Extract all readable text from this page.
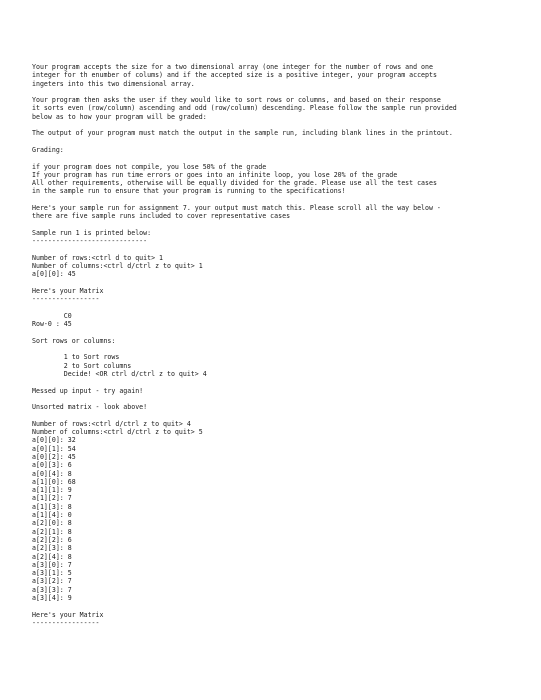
Your program accepts the size for a two dimensional array (one integer for the number of rows and one
integer for th enumber of colums) and if the accepted size is a positive integer, your program accepts
ingeters into this two dimensional array.
Your program then asks the user if they would like to sort rows or columns, and based on their response
it sorts even (row/column) ascending and odd (row/column) descending. Please follow the sample run provided
below as to how your program will be graded:
The output of your program must match the output in the sample run, including blank lines in the printout.
Grading:
if your program does not compile, you lose 50% of the grade
If your program has run time errors or goes into an infinite loop, you lose 20% of the grade
All other requirements, otherwise will be equally divided for the grade. Please use all the test cases
in the sample run to ensure that your program is running to the specifications!
Here's your sample run for assignment 7. your output must match this. Please scroll all the way below -
there are five sample runs included to cover representative cases
Sample run 1 is printed below:
-----------------------------
Number of rows:<ctrl d to quit> 1
Number of columns:<ctrl d/ctrl z to quit> 1
a[0][0]: 45
Here's your Matrix
-----------------
C0
Row-0 : 45
Sort rows or columns:
1 to Sort rows
2 to Sort columns
Decide! <OR ctrl d/ctrl z to quit> 4
Messed up input - try again!
Unsorted matrix - look above!
Number of rows:<ctrl d/ctrl z to quit> 4
Number of columns:<ctrl d/ctrl z to quit> 5
a[0][0]: 32
a[0][1]: 54
a[0][2]: 45
a[0][3]: 6
a[0][4]: 8
a[1][0]: 68
a[1][1]: 9
a[1][2]: 7
a[1][3]: 8
a[1][4]: 0
a[2][0]: 8
a[2][1]: 8
a[2][2]: 6
a[2][3]: 8
a[2][4]: 8
a[3][0]: 7
a[3][1]: 5
a[3][2]: 7
a[3][3]: 7
a[3][4]: 9
Here's your Matrix
-----------------
